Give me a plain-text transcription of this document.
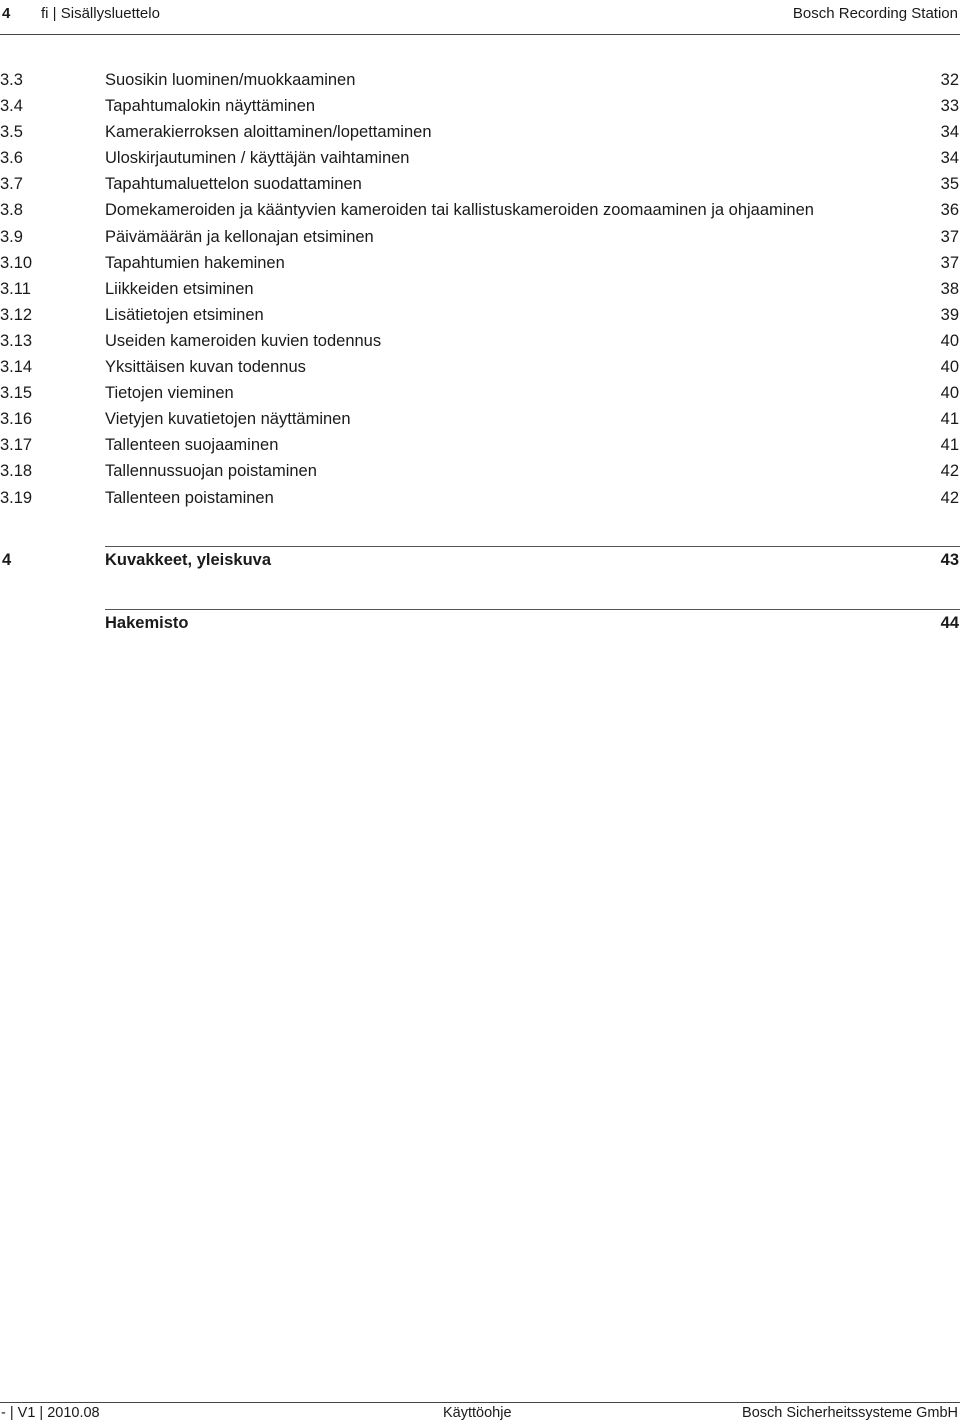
4 fi | Sisällysluettelo	Bosch Recording Station
3.3	Suosikin luominen/muokkaaminen	32
3.4	Tapahtumalokin näyttäminen	33
3.5	Kamerakierroksen aloittaminen/lopettaminen	34
3.6	Uloskirjautuminen / käyttäjän vaihtaminen	34
3.7	Tapahtumaluettelon suodattaminen	35
3.8	Domekameroiden ja kääntyvien kameroiden tai kallistuskameroiden zoomaaminen ja ohjaaminen	36
3.9	Päivämäärän ja kellonajan etsiminen	37
3.10	Tapahtumien hakeminen	37
3.11	Liikkeiden etsiminen	38
3.12	Lisätietojen etsiminen	39
3.13	Useiden kameroiden kuvien todennus	40
3.14	Yksittäisen kuvan todennus	40
3.15	Tietojen vieminen	40
3.16	Vietyjen kuvatietojen näyttäminen	41
3.17	Tallenteen suojaaminen	41
3.18	Tallennussuojan poistaminen	42
3.19	Tallenteen poistaminen	42
4	Kuvakkeet, yleiskuva	43
Hakemisto	44
- | V1 | 2010.08	Käyttöohje	Bosch Sicherheitssysteme GmbH
